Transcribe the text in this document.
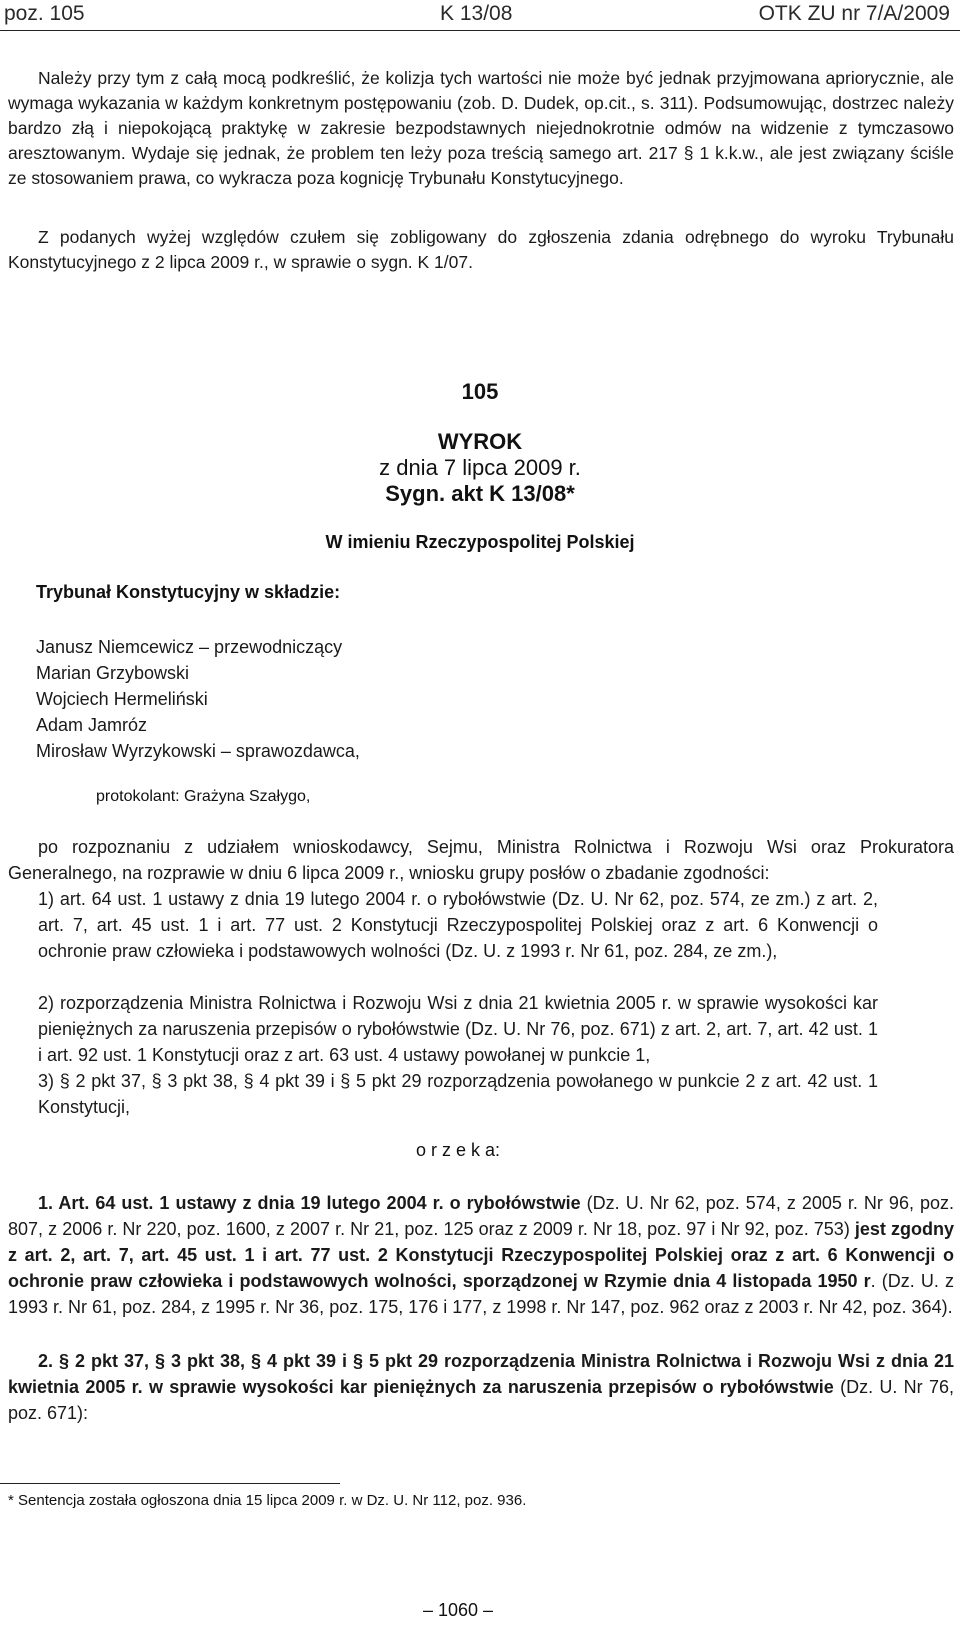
poz. 105	K 13/08	OTK ZU nr 7/A/2009

Należy przy tym z całą mocą podkreślić, że kolizja tych wartości nie może być jednak przyjmowana apriorycznie, ale wymaga wykazania w każdym konkretnym postępowaniu (zob. D. Dudek, op.cit., s. 311). Podsumowując, dostrzec należy bardzo złą i niepokojącą praktykę w zakresie bezpodstawnych niejednokrotnie odmów na widzenie z tymczasowo aresztowanym. Wydaje się jednak, że problem ten leży poza treścią samego art. 217 § 1 k.k.w., ale jest związany ściśle ze stosowaniem prawa, co wykracza poza kognicję Trybunału Konstytucyjnego.

Z podanych wyżej względów czułem się zobligowany do zgłoszenia zdania odrębnego do wyroku Trybunału Konstytucyjnego z 2 lipca 2009 r., w sprawie o sygn. K 1/07.

105
WYROK
z dnia 7 lipca 2009 r.
Sygn. akt K 13/08*
W imieniu Rzeczypospolitej Polskiej
Trybunał Konstytucyjny w składzie:
Janusz Niemcewicz – przewodniczący
Marian Grzybowski
Wojciech Hermeliński
Adam Jamróz
Mirosław Wyrzykowski – sprawozdawca,
protokolant: Grażyna Szałygo,

po rozpoznaniu z udziałem wnioskodawcy, Sejmu, Ministra Rolnictwa i Rozwoju Wsi oraz Prokuratora Generalnego, na rozprawie w dniu 6 lipca 2009 r., wniosku grupy posłów o zbadanie zgodności:

1) art. 64 ust. 1 ustawy z dnia 19 lutego 2004 r. o rybołówstwie (Dz. U. Nr 62, poz. 574, ze zm.) z art. 2, art. 7, art. 45 ust. 1 i art. 77 ust. 2 Konstytucji Rzeczypospolitej Polskiej oraz z art. 6 Konwencji o ochronie praw człowieka i podstawowych wolności (Dz. U. z 1993 r. Nr 61, poz. 284, ze zm.),

2) rozporządzenia Ministra Rolnictwa i Rozwoju Wsi z dnia 21 kwietnia 2005 r. w sprawie wysokości kar pieniężnych za naruszenia przepisów o rybołówstwie (Dz. U. Nr 76, poz. 671) z art. 2, art. 7, art. 42 ust. 1 i art. 92 ust. 1 Konstytucji oraz z art. 63 ust. 4 ustawy powołanej w punkcie 1,

3) § 2 pkt 37, § 3 pkt 38, § 4 pkt 39 i § 5 pkt 29 rozporządzenia powołanego w punkcie 2 z art. 42 ust. 1 Konstytucji,

o r z e k a:

1. Art. 64 ust. 1 ustawy z dnia 19 lutego 2004 r. o rybołówstwie (Dz. U. Nr 62, poz. 574, z 2005 r. Nr 96, poz. 807, z 2006 r. Nr 220, poz. 1600, z 2007 r. Nr 21, poz. 125 oraz z 2009 r. Nr 18, poz. 97 i Nr 92, poz. 753) jest zgodny z art. 2, art. 7, art. 45 ust. 1 i art. 77 ust. 2 Konstytucji Rzeczypospolitej Polskiej oraz z art. 6 Konwencji o ochronie praw człowieka i podstawowych wolności, sporządzonej w Rzymie dnia 4 listopada 1950 r. (Dz. U. z 1993 r. Nr 61, poz. 284, z 1995 r. Nr 36, poz. 175, 176 i 177, z 1998 r. Nr 147, poz. 962 oraz z 2003 r. Nr 42, poz. 364).

2. § 2 pkt 37, § 3 pkt 38, § 4 pkt 39 i § 5 pkt 29 rozporządzenia Ministra Rolnictwa i Rozwoju Wsi z dnia 21 kwietnia 2005 r. w sprawie wysokości kar pieniężnych za naruszenia przepisów o rybołówstwie (Dz. U. Nr 76, poz. 671):

* Sentencja została ogłoszona dnia 15 lipca 2009 r. w Dz. U. Nr 112, poz. 936.
– 1060 –
